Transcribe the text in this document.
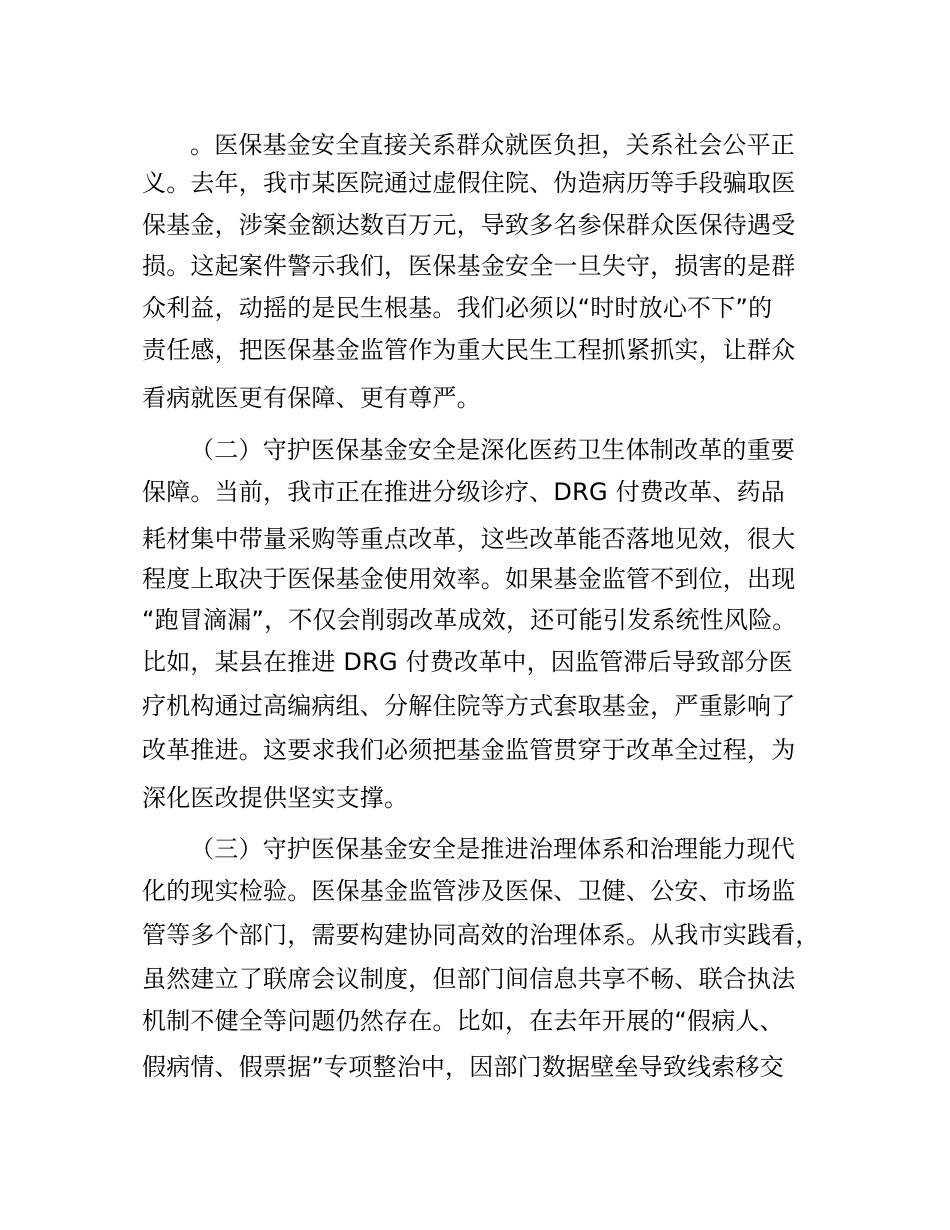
。医保基金安全直接关系群众就医负担，关系社会公平正

义。去年，我市某医院通过虚假住院、伪造病历等手段骗取医

保基金，涉案金额达数百万元，导致多名参保群众医保待遇受

损。这起案件警示我们，医保基金安全一旦失守，损害的是群

众利益，动摇的是民生根基。我们必须以“时时放心不下”的

责任感，把医保基金监管作为重大民生工程抓紧抓实，让群众

看病就医更有保障、更有尊严。

（二）守护医保基金安全是深化医药卫生体制改革的重要

保障。当前，我市正在推进分级诊疗、DRG 付费改革、药品

耗材集中带量采购等重点改革，这些改革能否落地见效，很大

程度上取决于医保基金使用效率。如果基金监管不到位，出现

“跑冒滴漏”，不仅会削弱改革成效，还可能引发系统性风险。

比如，某县在推进 DRG 付费改革中，因监管滞后导致部分医

疗机构通过高编病组、分解住院等方式套取基金，严重影响了

改革推进。这要求我们必须把基金监管贯穿于改革全过程，为

深化医改提供坚实支撑。

（三）守护医保基金安全是推进治理体系和治理能力现代

化的现实检验。医保基金监管涉及医保、卫健、公安、市场监

管等多个部门，需要构建协同高效的治理体系。从我市实践看，

虽然建立了联席会议制度，但部门间信息共享不畅、联合执法

机制不健全等问题仍然存在。比如，在去年开展的“假病人、

假病情、假票据”专项整治中，因部门数据壁垒导致线索移交
